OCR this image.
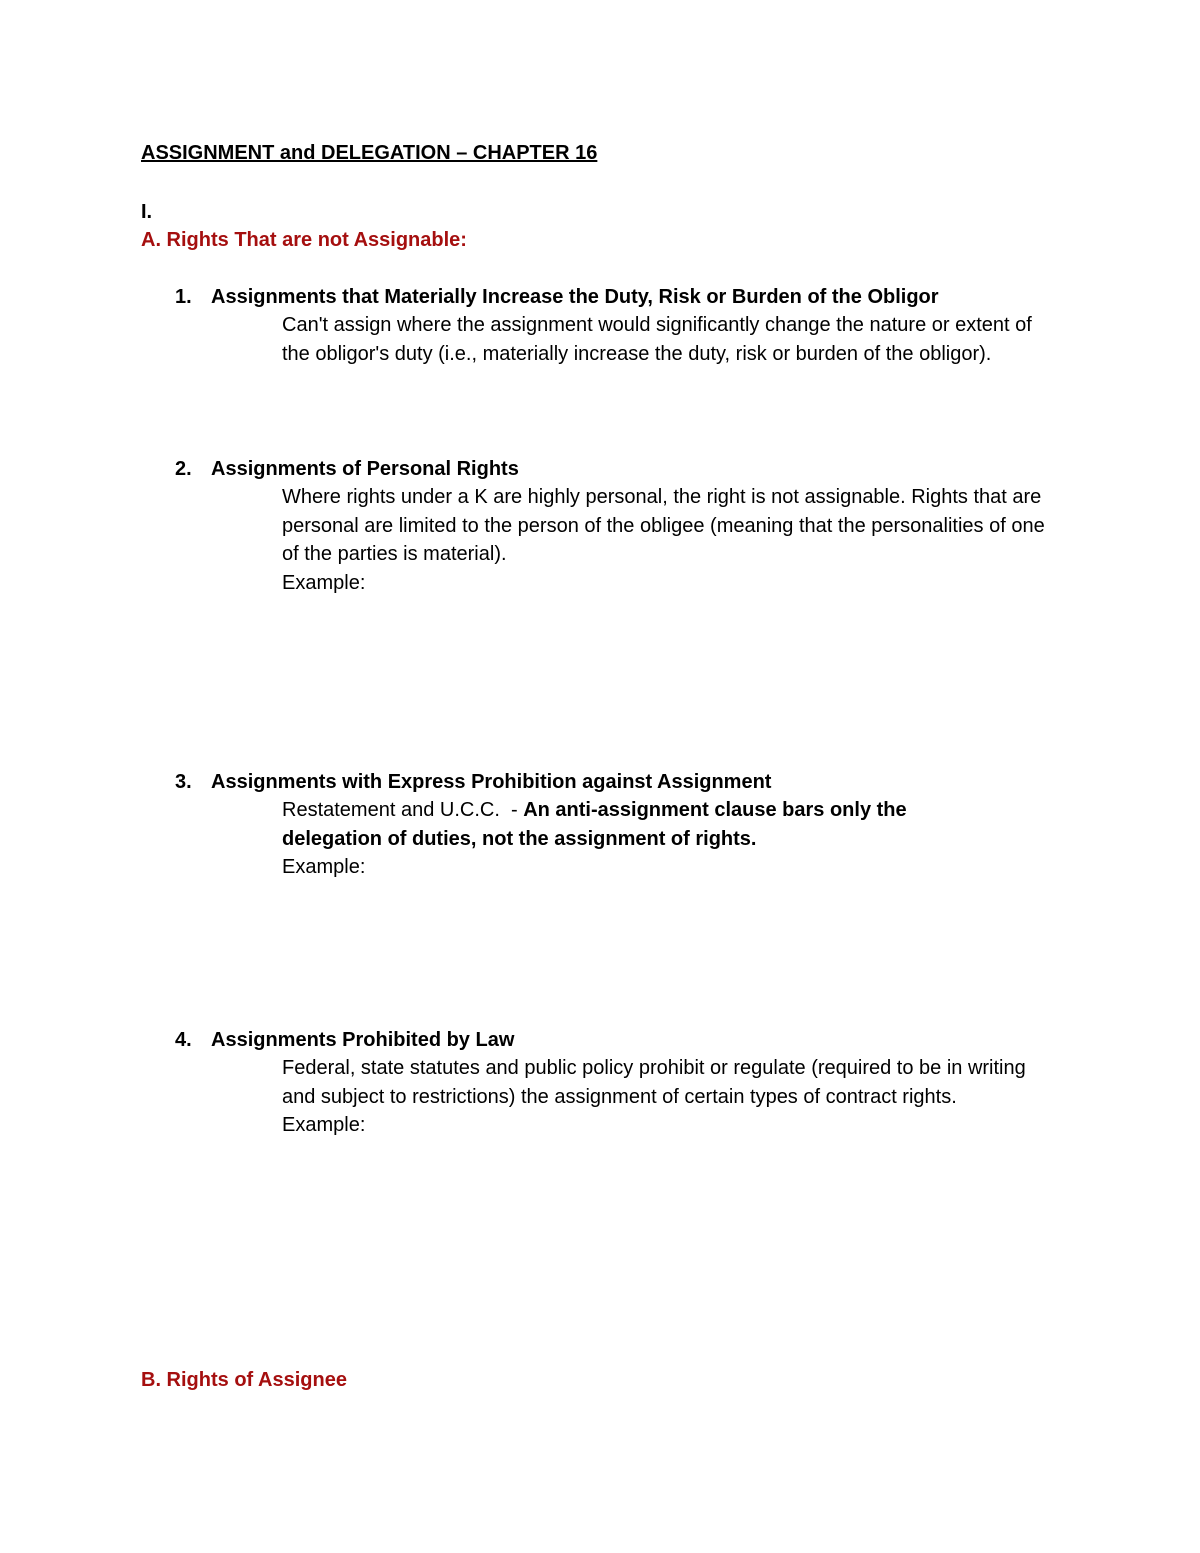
ASSIGNMENT and DELEGATION – CHAPTER 16
I.
A. Rights That are not Assignable:
1. Assignments that Materially Increase the Duty, Risk or Burden of the Obligor

Can't assign where the assignment would significantly change the nature or extent of the obligor's duty (i.e., materially increase the duty, risk or burden of the obligor).

2. Assignments of Personal Rights

Where rights under a K are highly personal, the right is not assignable. Rights that are personal are limited to the person of the obligee (meaning that the personalities of one of the parties is material).

Example:

3. Assignments with Express Prohibition against Assignment

Restatement and U.C.C.  - An anti-assignment clause bars only the delegation of duties, not the assignment of rights.

Example:

4. Assignments Prohibited by Law

Federal, state statutes and public policy prohibit or regulate (required to be in writing and subject to restrictions) the assignment of certain types of contract rights.

Example:

B. Rights of Assignee
